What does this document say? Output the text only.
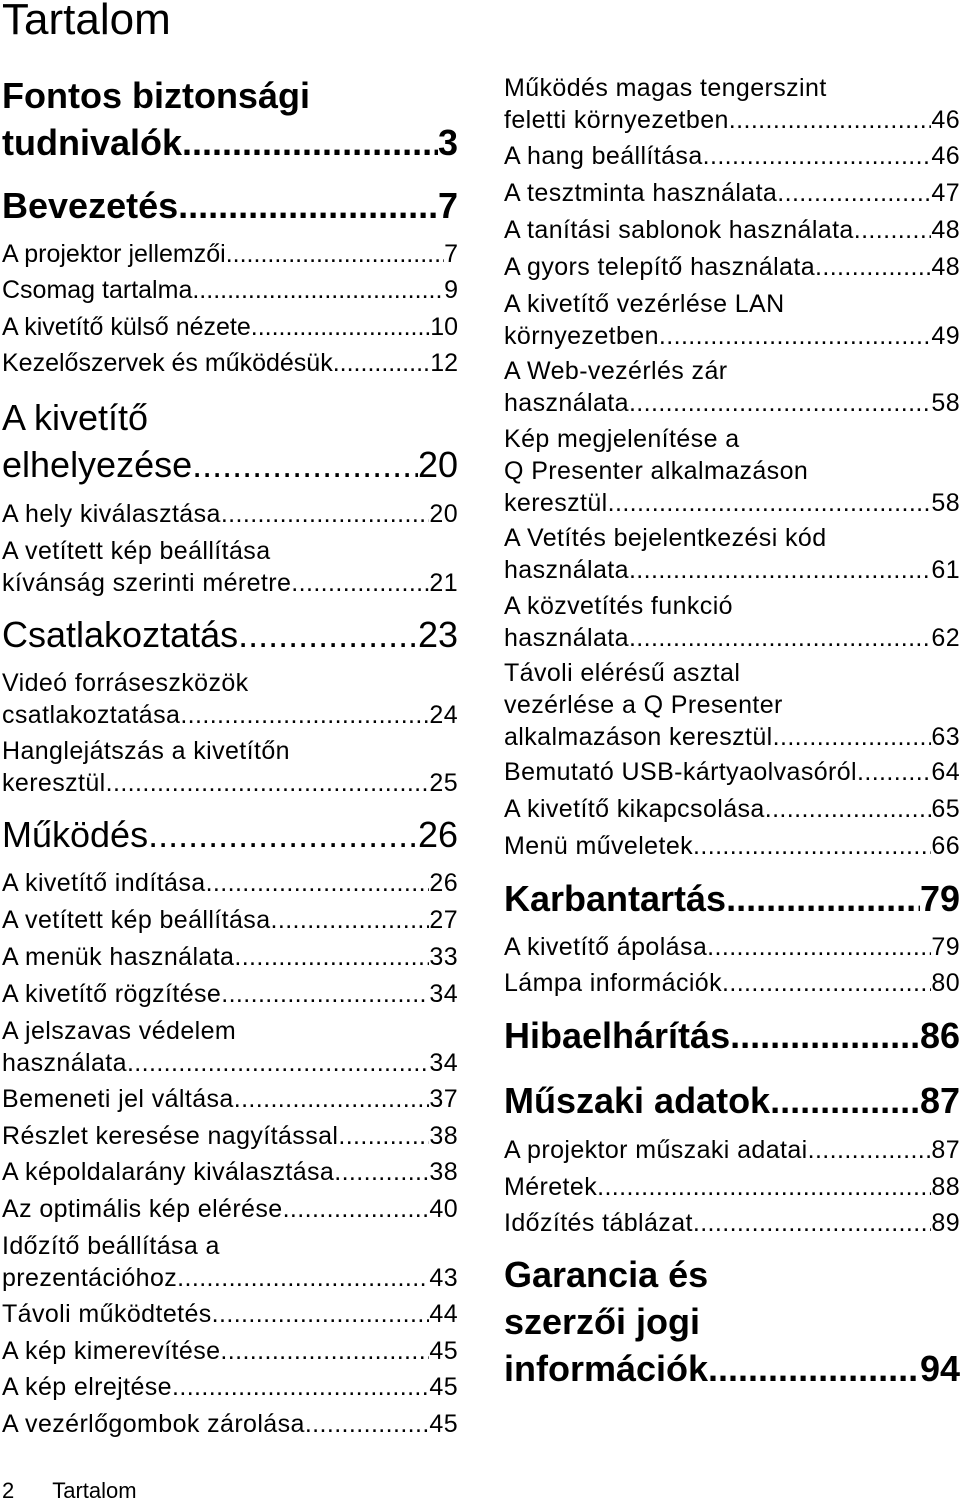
Tartalom
Fontos biztonsági
tudnivalók .....	3
Bevezetés .....	7
A projektor jellemzői .....	7
Csomag tartalma .....	9
A kivetítő külső nézete .....	10
Kezelőszervek és működésük .....	12
A kivetítő
elhelyezése .....	20
A hely kiválasztása .....	20
A vetített kép beállítása
kívánság szerinti méretre .....	21
Csatlakoztatás .....	23
Videó forráseszközök
csatlakoztatása .....	24
Hanglejátszás a kivetítőn
keresztül .....	25
Működés .....	26
A kivetítő indítása .....	26
A vetített kép beállítása .....	27
A menük használata .....	33
A kivetítő rögzítése .....	34
A jelszavas védelem
használata .....	34
Bemeneti jel váltása .....	37
Részlet keresése nagyítással .....	38
A képoldalarány kiválasztása .....	38
Az optimális kép elérése .....	40
Időzítő beállítása a
prezentációhoz .....	43
Távoli működtetés .....	44
A kép kimerevítése .....	45
A kép elrejtése .....	45
A vezérlőgombok zárolása .....	45
Működés magas tengerszint
feletti környezetben .....	46
A hang beállítása .....	46
A tesztminta használata .....	47
A tanítási sablonok használata .....	48
A gyors telepítő használata .....	48
A kivetítő vezérlése LAN
környezetben .....	49
A Web-vezérlés zár
használata .....	58
Kép megjelenítése a
Q Presenter alkalmazáson
keresztül .....	58
A Vetítés bejelentkezési kód
használata .....	61
A közvetítés funkció
használata .....	62
Távoli elérésű asztal
vezérlése a Q Presenter
alkalmazáson keresztül .....	63
Bemutató USB-kártyaolvasóról .....	64
A kivetítő kikapcsolása .....	65
Menü műveletek .....	66
Karbantartás .....	79
A kivetítő ápolása .....	79
Lámpa információk .....	80
Hibaelhárítás .....	86
Műszaki adatok .....	87
A projektor műszaki adatai .....	87
Méretek .....	88
Időzítés táblázat .....	89
Garancia és
szerzői jogi
információk .....	94
2 Tartalom
